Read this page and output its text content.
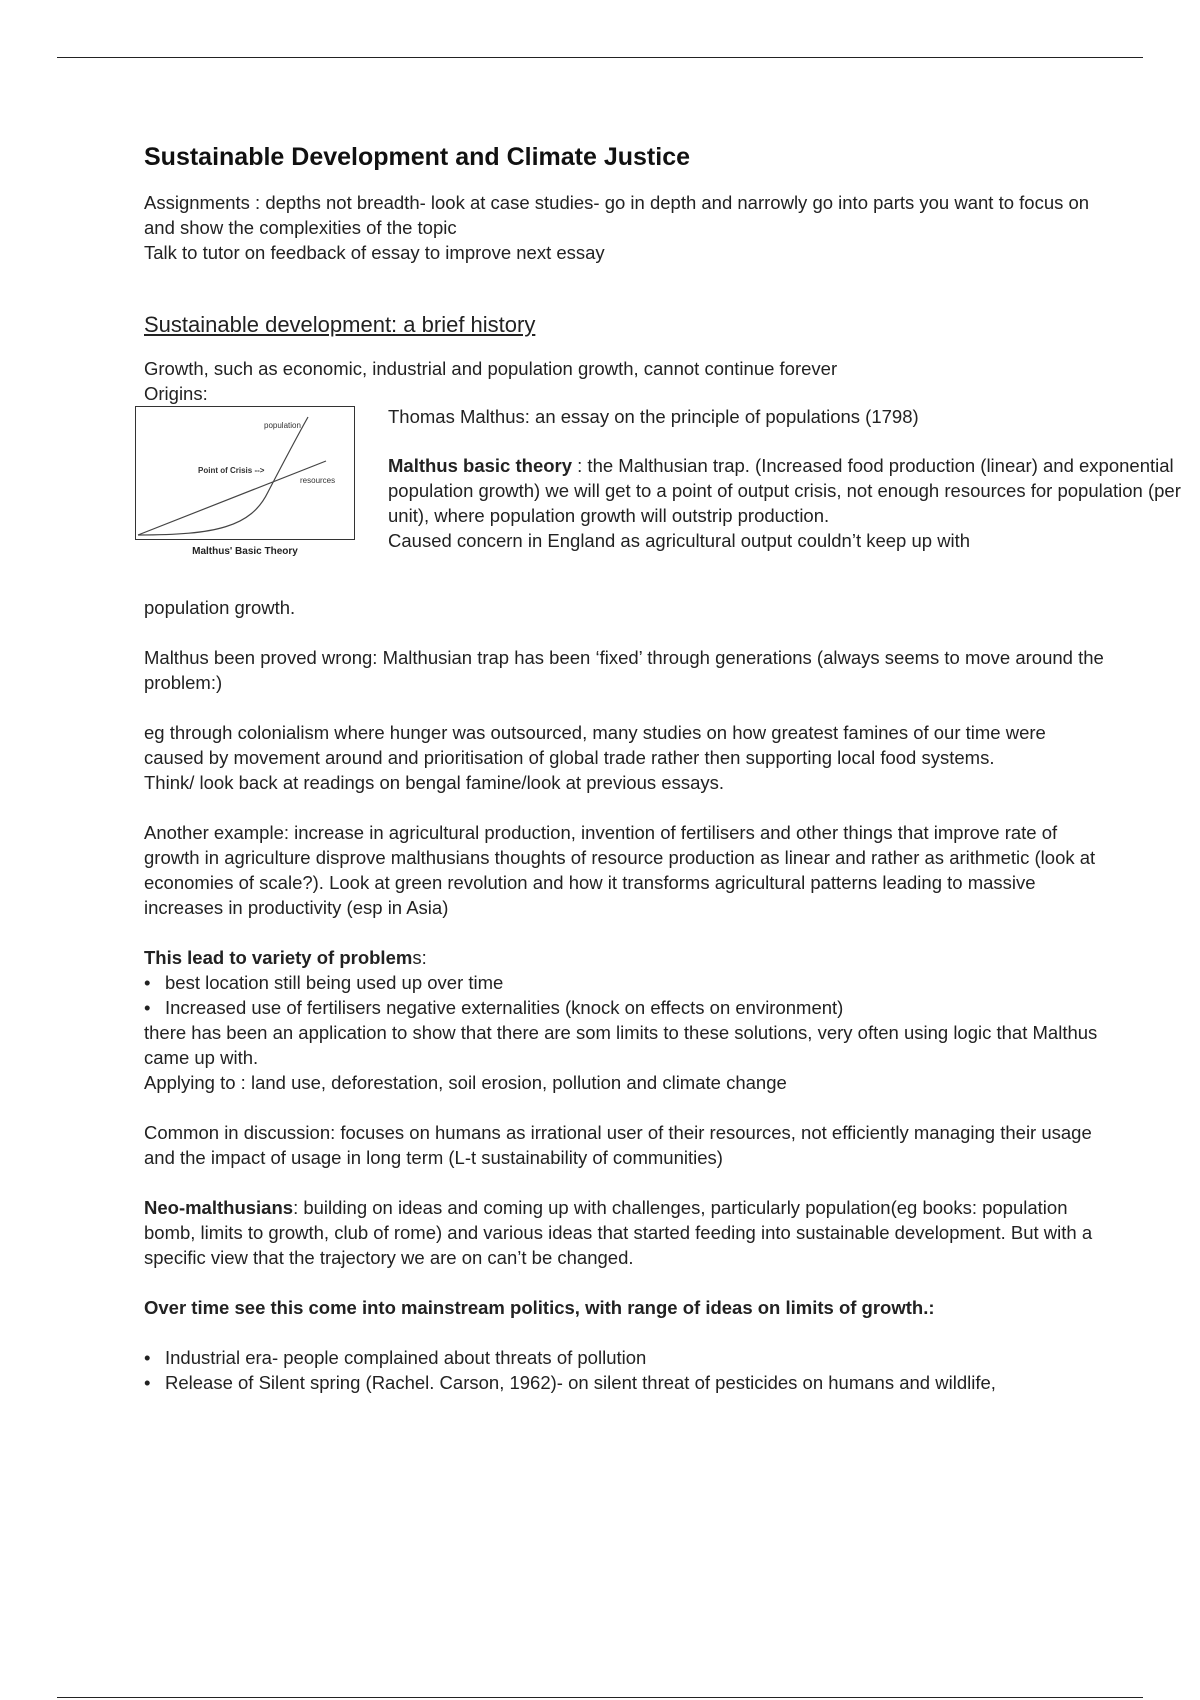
Sustainable Development and Climate Justice

Assignments : depths not breadth- look at case studies- go in depth and narrowly go into parts you want to focus on and show the complexities of the topic

Talk to tutor on feedback of essay to improve next essay

Sustainable development: a brief history

Growth, such as economic, industrial and population growth, cannot continue forever

Origins:

population
Point of Crisis -->
resources
Malthus' Basic Theory

Thomas Malthus: an essay on the principle of populations (1798)

Malthus basic theory : the Malthusian trap. (Increased food production (linear) and exponential population growth) we will get to a point of output crisis, not enough resources for population (per unit), where population growth will outstrip production.

Caused concern in England as agricultural output couldn’t keep up with

population growth.

Malthus been proved wrong: Malthusian trap has been ‘fixed’ through generations (always seems to move around the problem:)

eg through colonialism where hunger was outsourced, many studies on how greatest famines of our time were caused by movement around and prioritisation of global trade rather then supporting local food systems.

Think/ look back at readings on bengal famine/look at previous essays.

Another example: increase in agricultural production, invention of fertilisers and other things that improve rate of growth in agriculture disprove malthusians thoughts of resource production as linear and rather as arithmetic (look at economies of scale?). Look at green revolution and how it transforms agricultural patterns leading to massive increases in productivity (esp in Asia)

This lead to variety of problems:

• best location still being used up over time
• Increased use of fertilisers negative externalities (knock on effects on environment)

there has been an application to show that there are som limits to these solutions, very often using logic that Malthus came up with.

Applying to : land use, deforestation, soil erosion, pollution and climate change

Common in discussion: focuses on humans as irrational user of their resources, not efficiently managing their usage and the impact of usage in long term (L-t sustainability of communities)

Neo-malthusians: building on ideas and coming up with challenges, particularly population(eg books: population bomb, limits to growth, club of rome) and various ideas that started feeding into sustainable development. But with a specific view that the trajectory we are on can’t be changed.

Over time see this come into mainstream politics, with range of ideas on limits of growth.:

• Industrial era- people complained about threats of pollution
• Release of Silent spring (Rachel. Carson, 1962)- on silent threat of pesticides on humans and wildlife,
